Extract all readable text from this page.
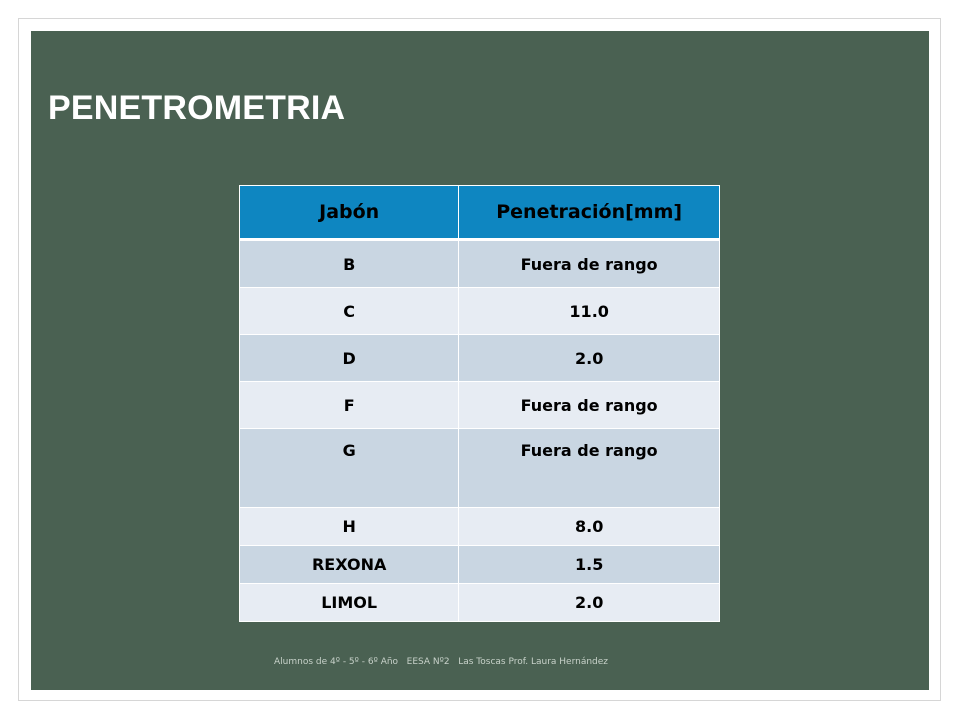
PENETROMETRIA
Jabón	Penetración[mm]
B	Fuera de rango
C	11.0
D	2.0
F	Fuera de rango
G	Fuera de rango
H	8.0
REXONA	1.5
LIMOL	2.0
Alumnos de 4º - 5º - 6º Año   EESA Nº2   Las Toscas Prof. Laura Hernández
